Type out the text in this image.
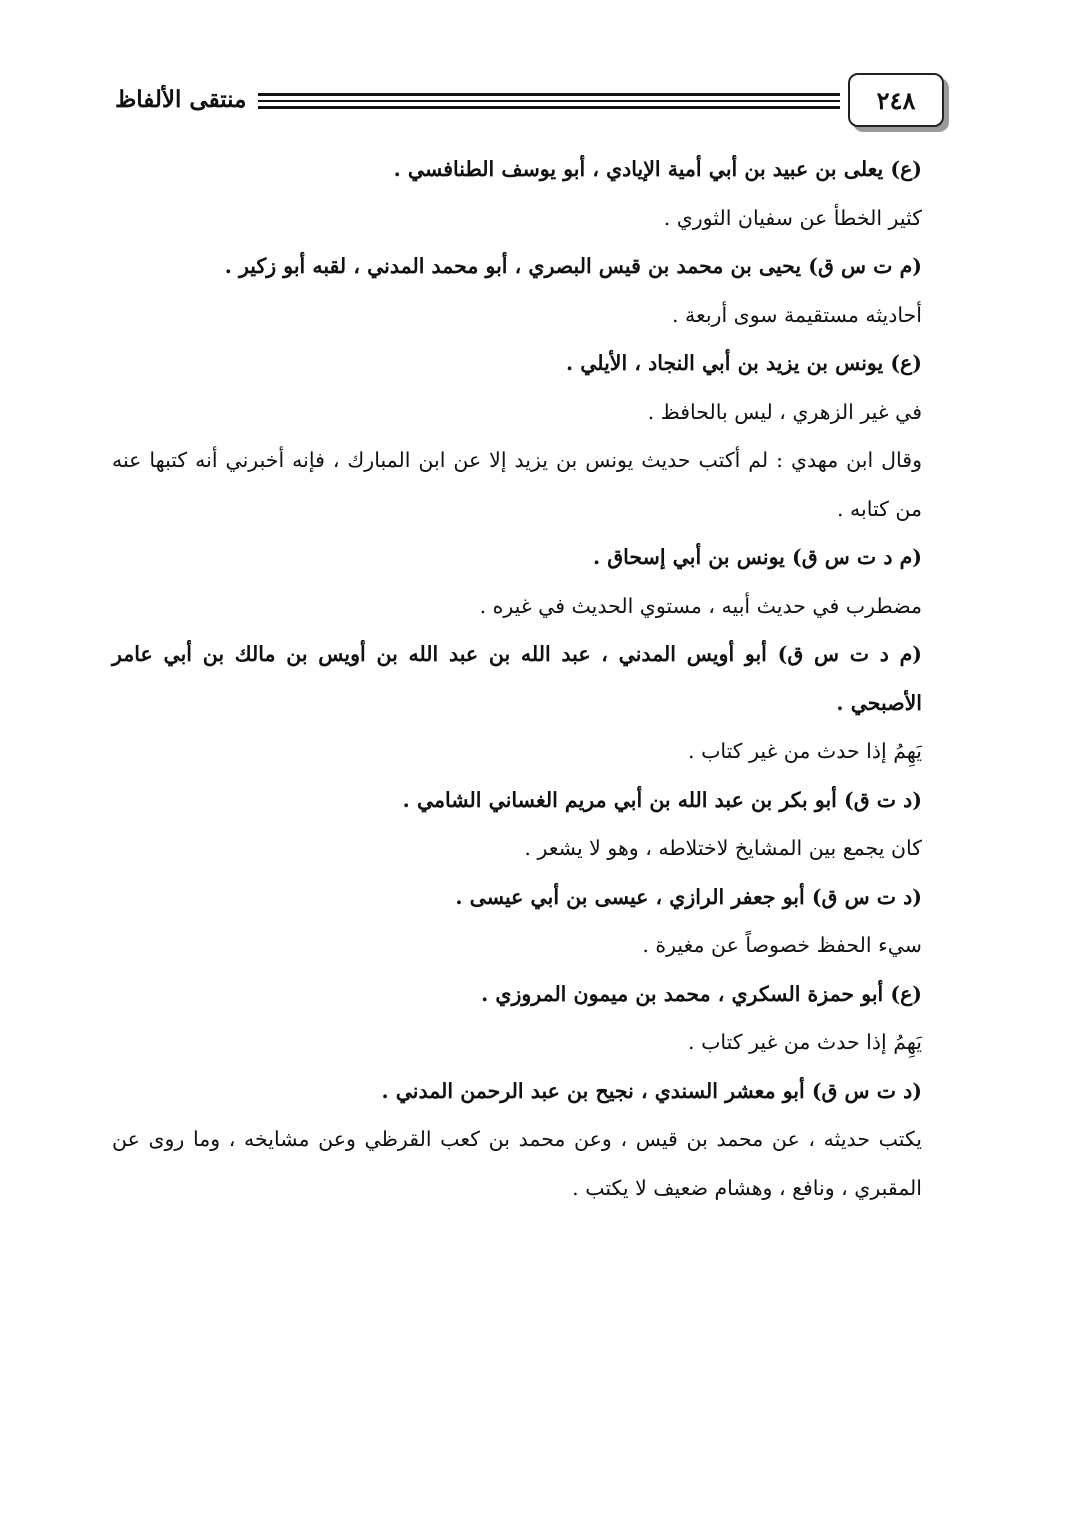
٢٤٨
منتقى الألفاظ

(ع) يعلى بن عبيد بن أبي أمية الإيادي ، أبو يوسف الطنافسي .

كثير الخطأ عن سفيان الثوري .

(م ت س ق) يحيى بن محمد بن قيس البصري ، أبو محمد المدني ، لقبه أبو زكير .

أحاديثه مستقيمة سوى أربعة .

(ع) يونس بن يزيد بن أبي النجاد ، الأيلي .

في غير الزهري ، ليس بالحافظ .

وقال ابن مهدي : لم أكتب حديث يونس بن يزيد إلا عن ابن المبارك ، فإنه أخبرني أنه كتبها عنه من كتابه .

(م د ت س ق) يونس بن أبي إسحاق .

مضطرب في حديث أبيه ، مستوي الحديث في غيره .

(م د ت س ق) أبو أويس المدني ، عبد الله بن عبد الله بن أويس بن مالك بن أبي عامر الأصبحي .

يَهِمُ إذا حدث من غير كتاب .

(د ت ق) أبو بكر بن عبد الله بن أبي مريم الغساني الشامي .

كان يجمع بين المشايخ لاختلاطه ، وهو لا يشعر .

(د ت س ق) أبو جعفر الرازي ، عيسى بن أبي عيسى .

سيء الحفظ خصوصاً عن مغيرة .

(ع) أبو حمزة السكري ، محمد بن ميمون المروزي .

يَهِمُ إذا حدث من غير كتاب .

(د ت س ق) أبو معشر السندي ، نجيح بن عبد الرحمن المدني .

يكتب حديثه ، عن محمد بن قيس ، وعن محمد بن كعب القرظي وعن مشايخه ، وما روى عن المقبري ، ونافع ، وهشام ضعيف لا يكتب .
